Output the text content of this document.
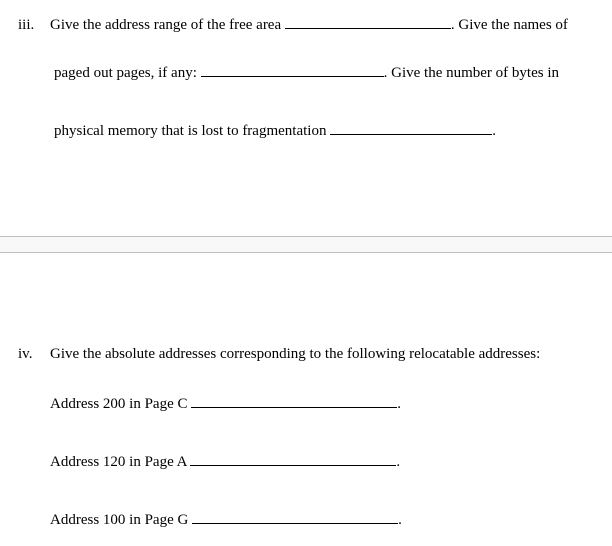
iii. Give the address range of the free area	. Give the names of
paged out pages, if any:	. Give the number of bytes in
physical memory that is lost to fragmentation	.
iv. Give the absolute addresses corresponding to the following relocatable addresses:
Address 200 in Page C	.
Address 120 in Page A	.
Address 100 in Page G	.
